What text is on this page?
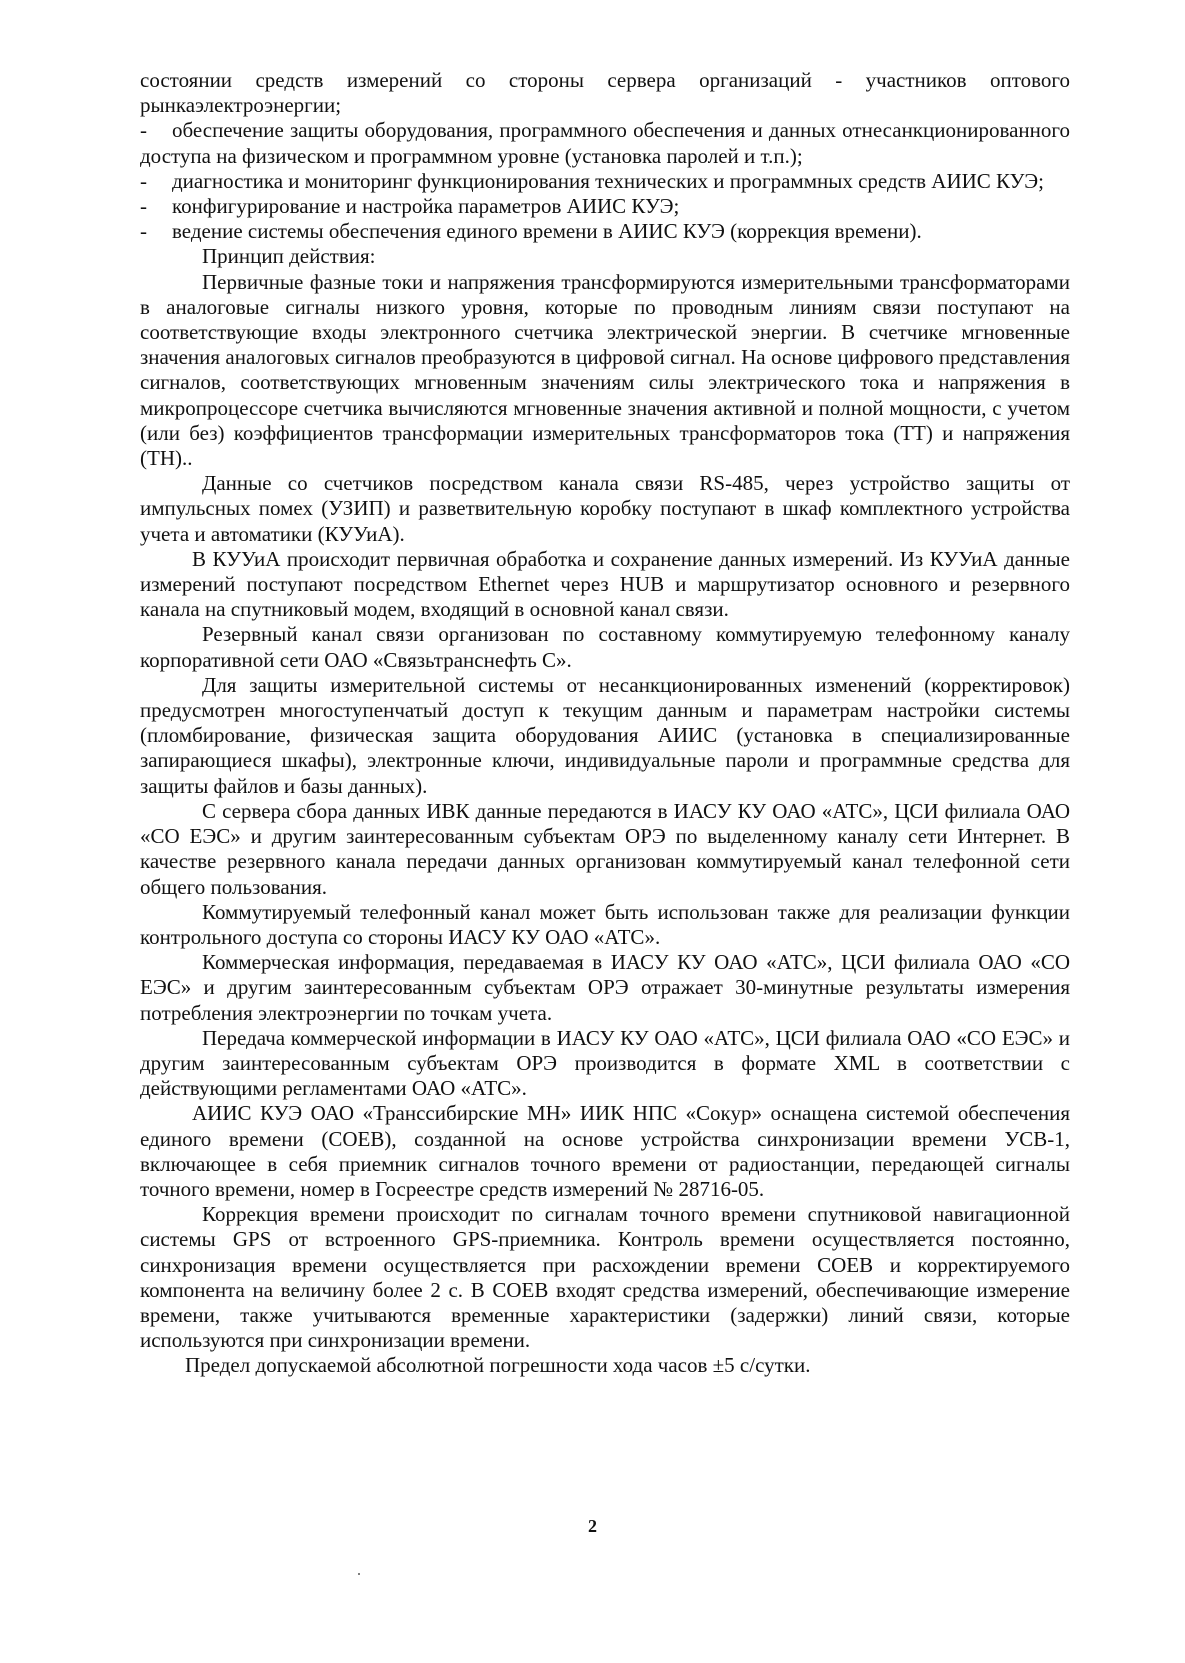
состоянии средств измерений со стороны сервера организаций - участников оптового рынкаэлектроэнергии;

- обеспечение защиты оборудования, программного обеспечения и данных отнесанкционированного доступа на физическом и программном уровне (установка паролей и т.п.);

- диагностика и мониторинг функционирования технических и программных средств АИИС КУЭ;

- конфигурирование и настройка параметров АИИС КУЭ;

- ведение системы обеспечения единого времени в АИИС КУЭ (коррекция времени).

Принцип действия:

Первичные фазные токи и напряжения трансформируются измерительными трансформаторами в аналоговые сигналы низкого уровня, которые по проводным линиям связи поступают на соответствующие входы электронного счетчика электрической энергии. В счетчике мгновенные значения аналоговых сигналов преобразуются в цифровой сигнал. На основе цифрового представления сигналов, соответствующих мгновенным значениям силы электрического тока и напряжения в микропроцессоре счетчика вычисляются мгновенные значения активной и полной мощности, с учетом (или без) коэффициентов трансформации измерительных трансформаторов тока (ТТ) и напряжения (ТН)..

Данные со счетчиков посредством канала связи RS-485, через устройство защиты от импульсных помех (УЗИП) и разветвительную коробку поступают в шкаф комплектного устройства учета и автоматики (КУУиА).

В КУУиА происходит первичная обработка и сохранение данных измерений. Из КУУиА данные измерений поступают посредством Ethernet через HUB и маршрутизатор основного и резервного канала на спутниковый модем, входящий в основной канал связи.

Резервный канал связи организован по составному коммутируемую телефонному каналу корпоративной сети ОАО «Связьтранснефть С».

Для защиты измерительной системы от несанкционированных изменений (корректировок) предусмотрен многоступенчатый доступ к текущим данным и параметрам настройки системы (пломбирование, физическая защита оборудования АИИС (установка в специализированные запирающиеся шкафы), электронные ключи, индивидуальные пароли и программные средства для защиты файлов и базы данных).

С сервера сбора данных ИВК данные передаются в ИАСУ КУ ОАО «АТС», ЦСИ филиала ОАО «СО ЕЭС» и другим заинтересованным субъектам ОРЭ по выделенному каналу сети Интернет. В качестве резервного канала передачи данных организован коммутируемый канал телефонной сети общего пользования.

Коммутируемый телефонный канал может быть использован также для реализации функции контрольного доступа со стороны ИАСУ КУ ОАО «АТС».

Коммерческая информация, передаваемая в ИАСУ КУ ОАО «АТС», ЦСИ филиала ОАО «СО ЕЭС» и другим заинтересованным субъектам ОРЭ отражает 30-минутные результаты измерения потребления электроэнергии по точкам учета.

Передача коммерческой информации в ИАСУ КУ ОАО «АТС», ЦСИ филиала ОАО «СО ЕЭС» и другим заинтересованным субъектам ОРЭ производится в формате XML в соответствии с действующими регламентами ОАО «АТС».

АИИС КУЭ ОАО «Транссибирские МН» ИИК НПС «Сокур» оснащена системой обеспечения единого времени (СОЕВ), созданной на основе устройства синхронизации времени УСВ-1, включающее в себя приемник сигналов точного времени от радиостанции, передающей сигналы точного времени, номер в Госреестре средств измерений № 28716-05.

Коррекция времени происходит по сигналам точного времени спутниковой навигационной системы GPS от встроенного GPS-приемника. Контроль времени осуществляется постоянно, синхронизация времени осуществляется при расхождении времени СОЕВ и корректируемого компонента на величину более 2 с. В СОЕВ входят средства измерений, обеспечивающие измерение времени, также учитываются временные характеристики (задержки) линий связи, которые используются при синхронизации времени.

Предел допускаемой абсолютной погрешности хода часов ±5 с/сутки.

2
